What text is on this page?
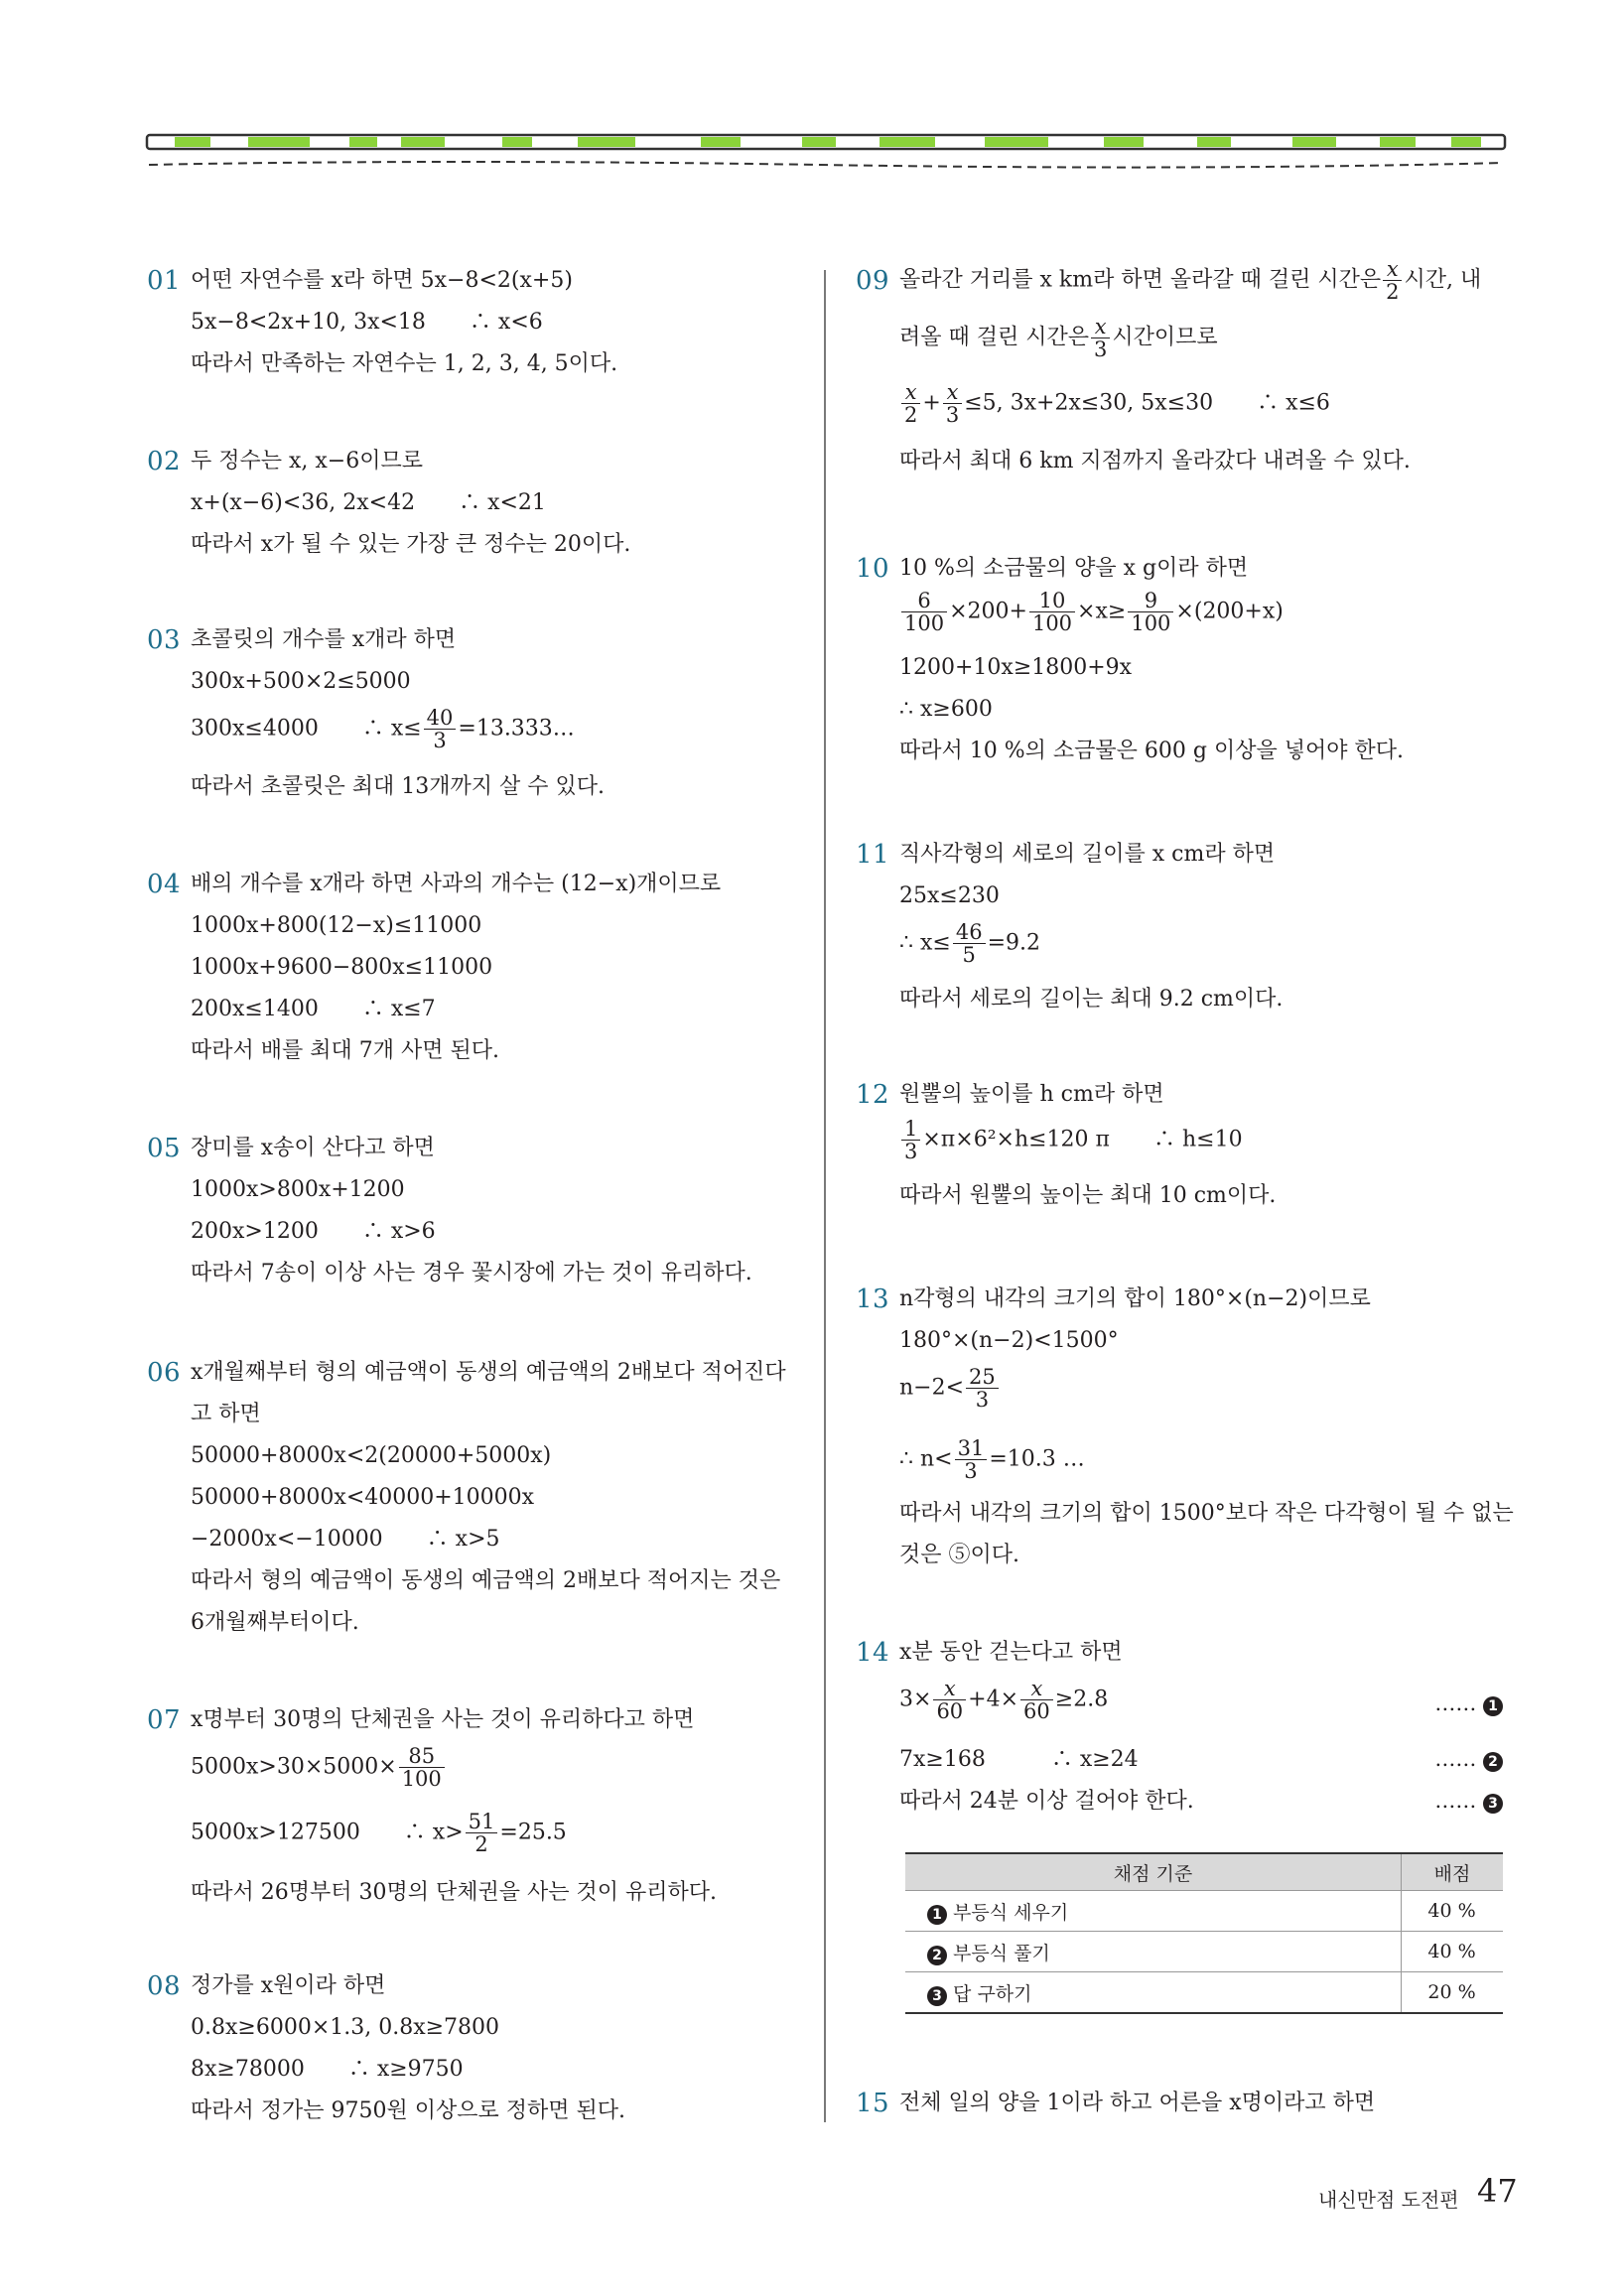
01 어떤 자연수를 x라 하면 5x−8<2(x+5)
5x−8<2x+10, 3x<18　　∴ x<6
따라서 만족하는 자연수는 1, 2, 3, 4, 5이다.
02 두 정수는 x, x−6이므로
x+(x−6)<36, 2x<42　　∴ x<21
따라서 x가 될 수 있는 가장 큰 정수는 20이다.
03 초콜릿의 개수를 x개라 하면
300x+500×2≤5000
300x≤4000　　∴ $x\le \frac{40}{3}$ =13.333…
따라서 초콜릿은 최대 13개까지 살 수 있다.
04 배의 개수를 x개라 하면 사과의 개수는 (12−x)개이므로
1000x+800(12−x)≤11000
1000x+9600−800x≤11000
200x≤1400　　∴ x≤7
따라서 배를 최대 7개 사면 된다.
05 장미를 x송이 산다고 하면
1000x>800x+1200
200x>1200　　∴ x>6
따라서 7송이 이상 사는 경우 꽃시장에 가는 것이 유리하다.
06 x개월째부터 형의 예금액이 동생의 예금액의 2배보다 적어진다
고 하면
50000+8000x<2(20000+5000x)
50000+8000x<40000+10000x
−2000x<−10000　　∴ x>5
따라서 형의 예금액이 동생의 예금액의 2배보다 적어지는 것은
6개월째부터이다.
07 x명부터 30명의 단체권을 사는 것이 유리하다고 하면
$5000x>30\times 5000\times \frac{85}{100}$
5000x>127500　　∴ $x> \frac{51}{2} =25.5$
따라서 26명부터 30명의 단체권을 사는 것이 유리하다.
08 정가를 x원이라 하면
0.8x≥6000×1.3, 0.8x≥7800
8x≥78000　　∴ x≥9750
따라서 정가는 9750원 이상으로 정하면 된다.
09 올라간 거리를 x km라 하면 올라갈 때 걸린 시간은 $\frac{x}{2}$ 시간, 내
려올 때 걸린 시간은 $\frac{x}{3}$ 시간이므로
$\frac{x}{2} + \frac{x}{3} \le 5$, 3x+2x≤30, 5x≤30　　∴ x≤6
따라서 최대 6 km 지점까지 올라갔다 내려올 수 있다.
10 10 %의 소금물의 양을 x g이라 하면
$\frac{6}{100} \times 200+ \frac{10}{100} \times x\ge \frac{9}{100} \times(200+x)$
1200+10x≥1800+9x
∴ x≥600
따라서 10 %의 소금물은 600 g 이상을 넣어야 한다.
11 직사각형의 세로의 길이를 x cm라 하면
25x≤230
∴ $x\le \frac{46}{5} =9.2$
따라서 세로의 길이는 최대 9.2 cm이다.
12 원뿔의 높이를 h cm라 하면
$\frac{1}{3} \times\pi\times 6^2\times h\le 120$ π　　∴ h≤10
따라서 원뿔의 높이는 최대 10 cm이다.
13 n각형의 내각의 크기의 합이 180°×(n−2)이므로
180°×(n−2)<1500°
$n-2< \frac{25}{3}$
∴ $n< \frac{31}{3} =10.3$ …
따라서 내각의 크기의 합이 1500°보다 작은 다각형이 될 수 없는
것은 ⑤이다.
14 x분 동안 걷는다고 하면
$3\times \frac{x}{60} +4\times \frac{x}{60} \ge 2.8$	…… 1
7x≥168　　　∴ x≥24	…… 2
따라서 24분 이상 걸어야 한다.	…… 3
15 전체 일의 양을 1이라 하고 어른을 x명이라고 하면
채점 기준	배점
1 부등식 세우기	40 %
2 부등식 풀기	40 %
3 답 구하기	20 %
내신만점 도전편 47
